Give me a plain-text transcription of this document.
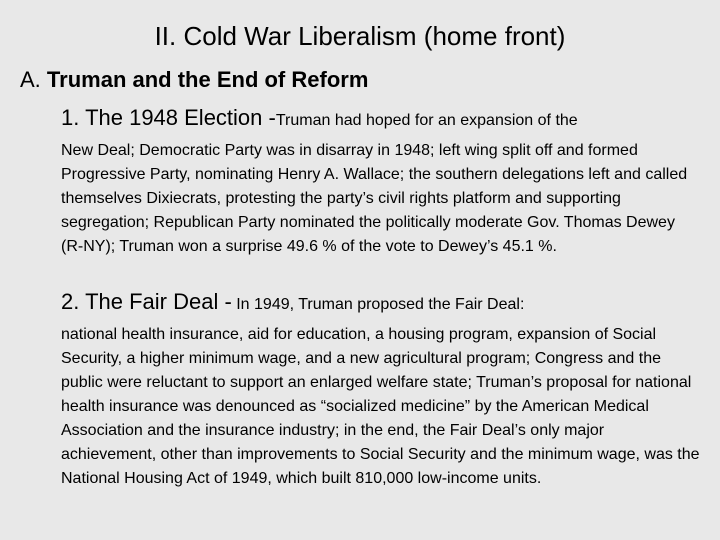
II. Cold War Liberalism (home front)
A. Truman and the End of Reform
1. The 1948 Election -Truman had hoped for an expansion of the
New Deal; Democratic Party was in disarray in 1948; left wing split off and formed Progressive Party, nominating Henry A. Wallace; the southern delegations left and called themselves Dixiecrats, protesting the party’s civil rights platform and supporting segregation; Republican Party nominated the politically moderate Gov. Thomas Dewey (R-NY); Truman won a surprise 49.6 % of the vote to Dewey’s 45.1 %.
2. The Fair Deal - In 1949, Truman proposed the Fair Deal:
national health insurance, aid for education, a housing program, expansion of Social Security, a higher minimum wage, and a new agricultural program; Congress and the public were reluctant to support an enlarged welfare state; Truman’s proposal for national health insurance was denounced as “socialized medicine” by the American Medical Association and the insurance industry; in the end, the Fair Deal’s only major achievement, other than improvements to Social Security and the minimum wage, was the National Housing Act of 1949, which built 810,000 low-income units.
